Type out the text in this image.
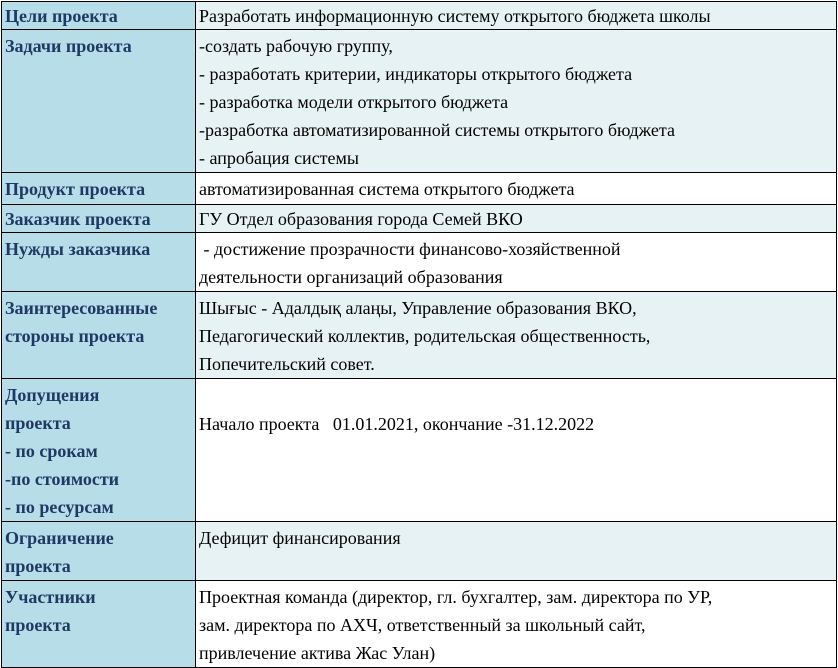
Цели проекта	Разработать информационную систему открытого бюджета школы

Задачи проекта	-создать рабочую группу,
- разработать критерии, индикаторы открытого бюджета
- разработка модели открытого бюджета
-разработка автоматизированной системы открытого бюджета
- апробация системы

Продукт проекта	автоматизированная система открытого бюджета

Заказчик проекта	ГУ Отдел образования города Семей ВКО

Нужды заказчика	- достижение прозрачности финансово-хозяйственной
деятельности организаций образования

Заинтересованные
стороны проекта	Шығыс - Адалдық алаңы, Управление образования ВКО,
Педагогический коллектив, родительская общественность,
Попечительский совет.

Допущения
проекта
- по срокам
-по стоимости
- по ресурсам	Начало проекта   01.01.2021, окончание -31.12.2022

Ограничение
проекта	Дефицит финансирования

Участники
проекта	Проектная команда (директор, гл. бухгалтер, зам. директора по УР,
зам. директора по АХЧ, ответственный за школьный сайт,
привлечение актива Жас Улан)
